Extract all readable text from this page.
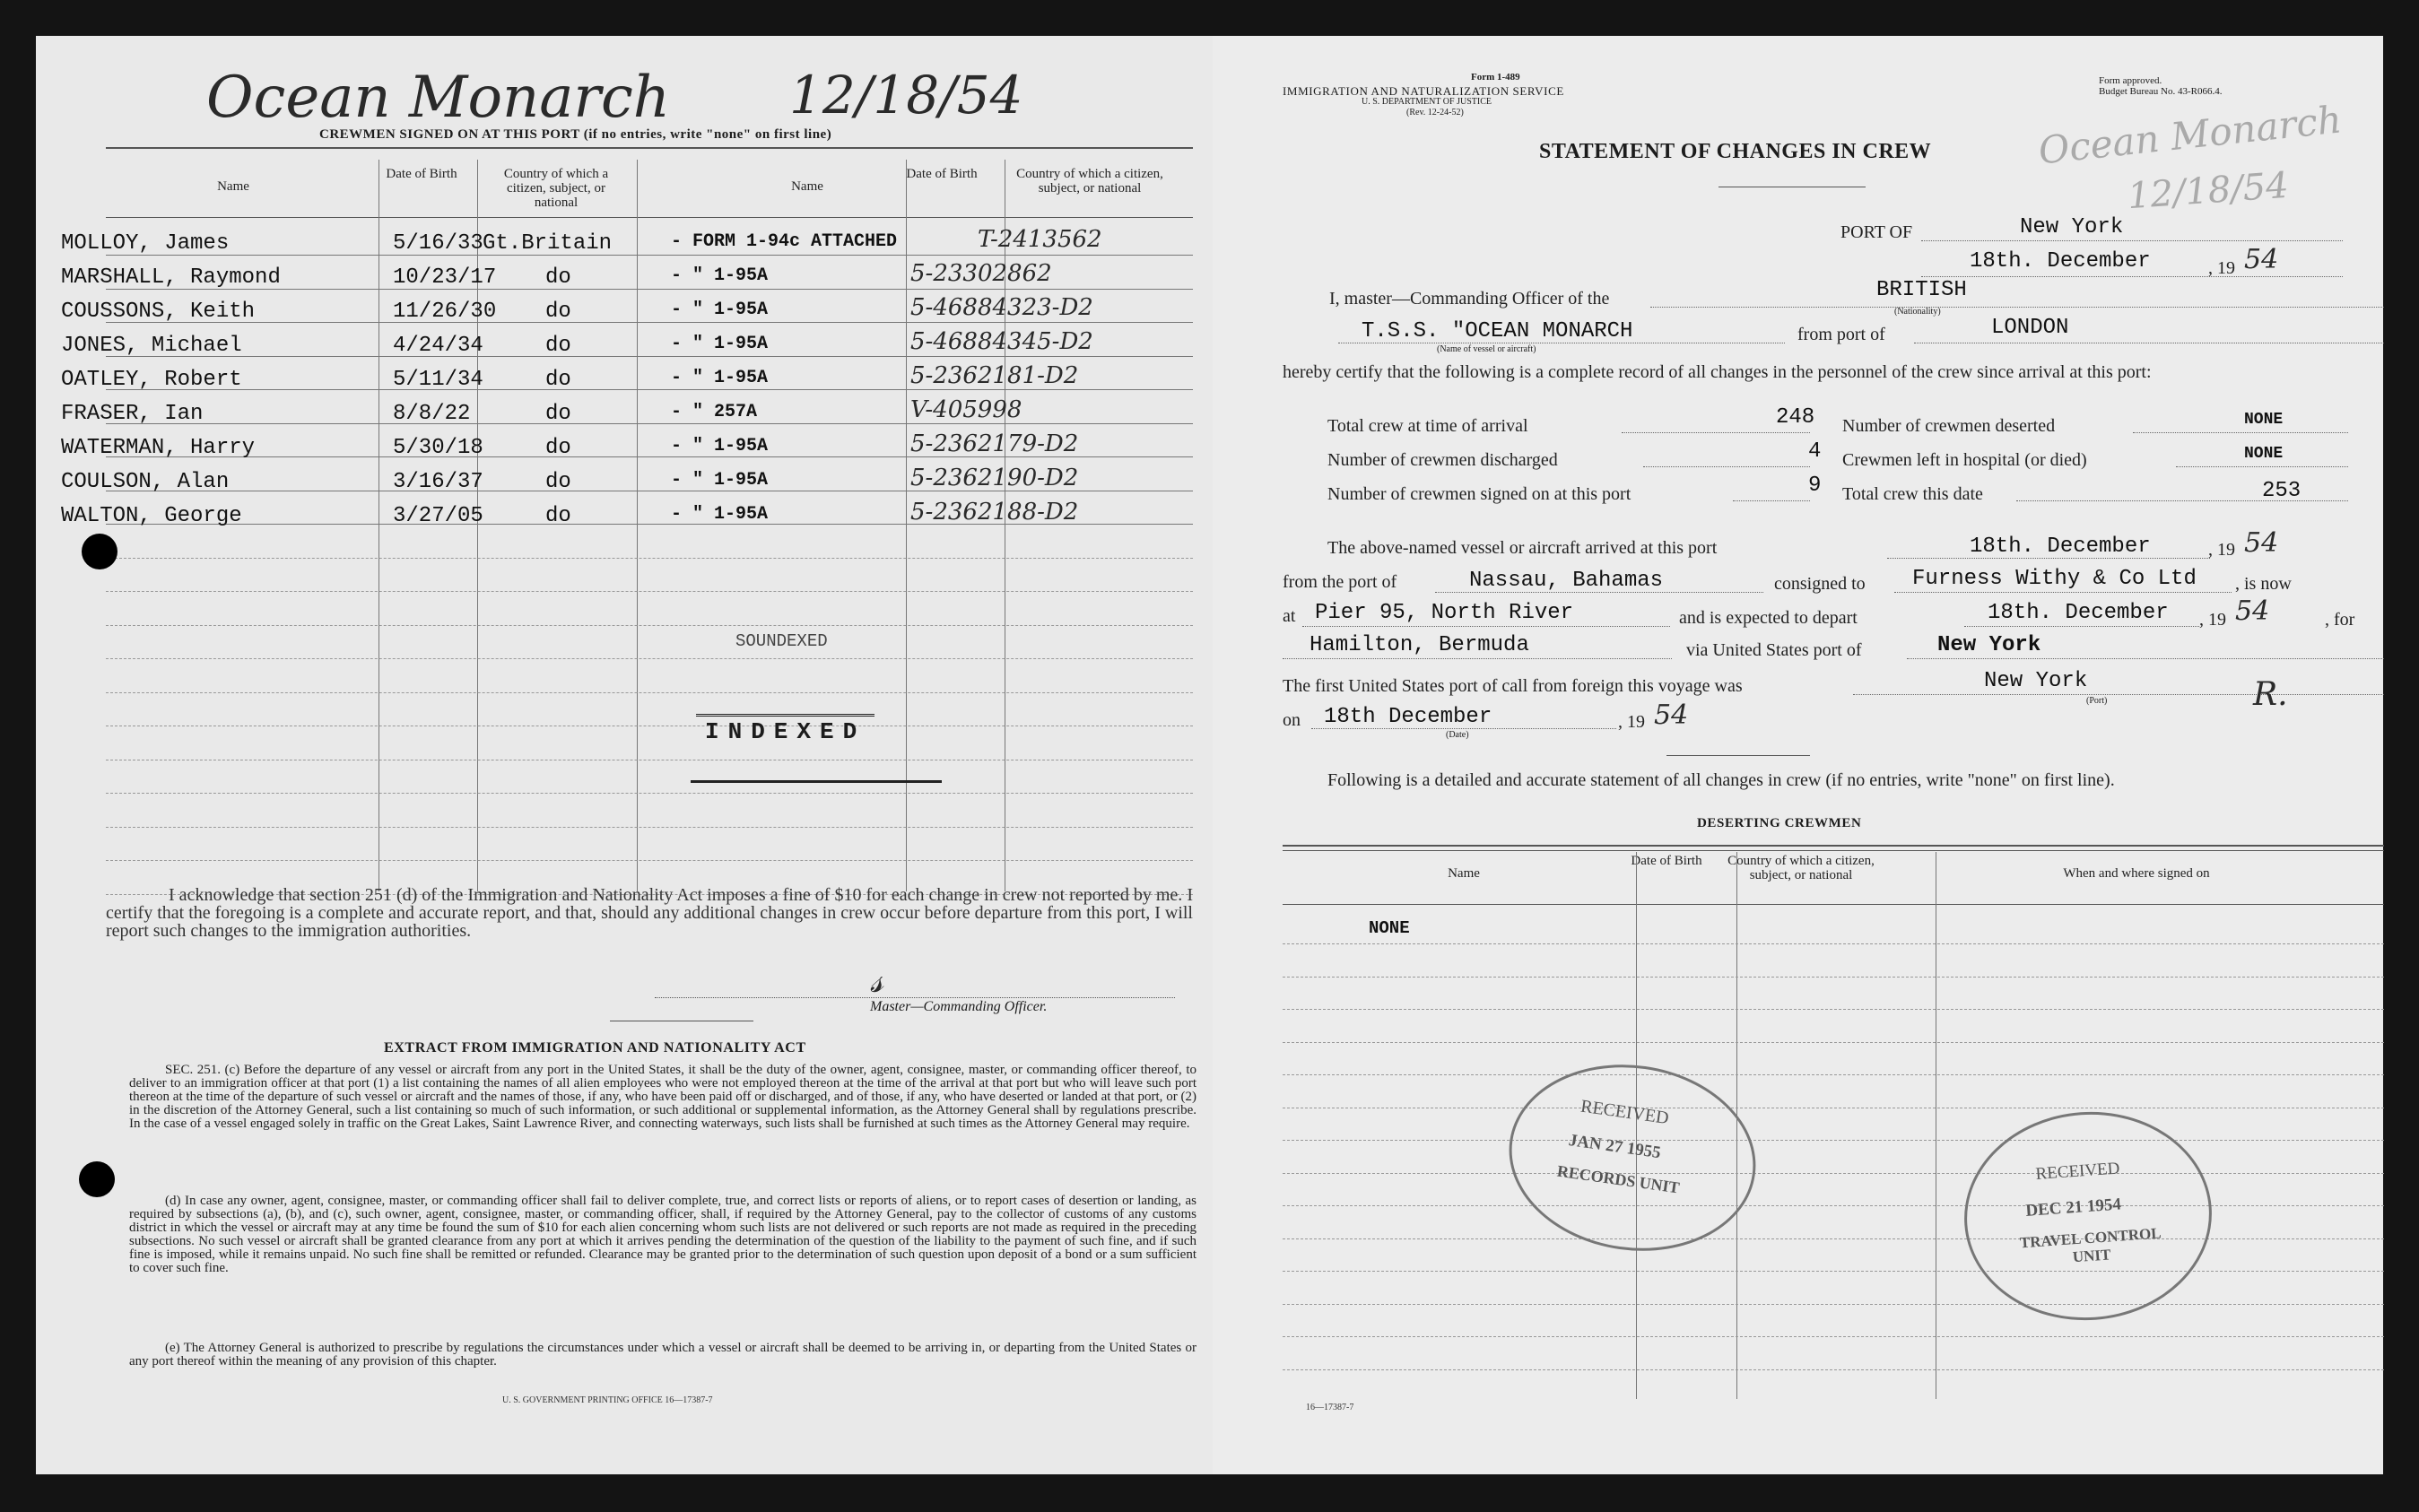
Ocean Monarch 12/18/54
CREWMEN SIGNED ON AT THIS PORT (if no entries, write "none" on first line)
Name
Date of Birth	Country of which a citizen, subject, or national
Name
Date of Birth	Country of which a citizen, subject, or national
MOLLOY, James	5/16/33 Gt.Britain	- FORM 1-94c ATTACHED	T-2413562
MARSHALL, Raymond	10/23/17 do	- " 1-95A	5-23302862
COUSSONS, Keith	11/26/30 do	- " 1-95A	5-46884323-D2
JONES, Michael	4/24/34	do	- " 1-95A	5-46884345-D2
OATLEY, Robert	5/11/34	do	- " 1-95A	5-2362181-D2
FRASER, Ian	8/8/22	do	- " 257A	V-405998
WATERMAN, Harry	5/30/18	do	- " 1-95A	5-2362179-D2
COULSON, Alan	3/16/37	do	- " 1-95A	5-2362190-D2
WALTON, George	3/27/05	do	- " 1-95A	5-2362188-D2
SOUNDEXED
INDEXED
I acknowledge that section 251 (d) of the Immigration and Nationality Act imposes a fine of $10 for each change in crew not reported by me. I certify that the foregoing is a complete and accurate report, and that, should any additional changes in crew occur before departure from this port, I will report such changes to the immigration authorities.
𝓈
Master—Commanding Officer.
EXTRACT FROM IMMIGRATION AND NATIONALITY ACT
SEC. 251. (c) Before the departure of any vessel or aircraft from any port in the United States, it shall be the duty of the owner, agent, consignee, master, or commanding officer thereof, to deliver to an immigration officer at that port (1) a list containing the names of all alien employees who were not employed thereon at the time of the arrival at that port but who will leave such port thereon at the time of the departure of such vessel or aircraft and the names of those, if any, who have been paid off or discharged, and of those, if any, who have deserted or landed at that port, or (2) in the discretion of the Attorney General, such a list containing so much of such information, or such additional or supplemental information, as the Attorney General shall by regulations prescribe. In the case of a vessel engaged solely in traffic on the Great Lakes, Saint Lawrence River, and connecting waterways, such lists shall be furnished at such times as the Attorney General may require.
(d) In case any owner, agent, consignee, master, or commanding officer shall fail to deliver complete, true, and correct lists or reports of aliens, or to report cases of desertion or landing, as required by subsections (a), (b), and (c), such owner, agent, consignee, master, or commanding officer, shall, if required by the Attorney General, pay to the collector of customs of any customs district in which the vessel or aircraft may at any time be found the sum of $10 for each alien concerning whom such lists are not delivered or such reports are not made as required in the preceding subsections. No such vessel or aircraft shall be granted clearance from any port at which it arrives pending the determination of the question of the liability to the payment of such fine, and if such fine is imposed, while it remains unpaid. No such fine shall be remitted or refunded. Clearance may be granted prior to the determination of such question upon deposit of a bond or a sum sufficient to cover such fine.
(e) The Attorney General is authorized to prescribe by regulations the circumstances under which a vessel or aircraft shall be deemed to be arriving in, or departing from the United States or any port thereof within the meaning of any provision of this chapter.
U. S. GOVERNMENT PRINTING OFFICE 16—17387-7
Form 1-489
IMMIGRATION AND NATURALIZATION SERVICE
U. S. DEPARTMENT OF JUSTICE
(Rev. 12-24-52)
Form approved.
Budget Bureau No. 43-R066.4.
Ocean Monarch
12/18/54
STATEMENT OF CHANGES IN CREW
PORT OF	New York
18th. December	, 19 54
I, master—Commanding Officer of the	BRITISH
(Nationality)
T.S.S. "OCEAN MONARCH	from port of	LONDON
(Name of vessel or aircraft)
hereby certify that the following is a complete record of all changes in the personnel of the crew since arrival at this port:
Total crew at time of arrival	248
Number of crewmen discharged	4
Number of crewmen signed on at this port	9
Number of crewmen deserted	NONE
Crewmen left in hospital (or died)	NONE
Total crew this date	253
The above-named vessel or aircraft arrived at this port	18th. December	, 19 54
from the port of	Nassau, Bahamas	consigned to Furness Withy & Co Ltd , is now
at Pier 95, North River	and is expected to depart	18th. December , 19 54	, for
Hamilton, Bermuda	via United States port of	New York
The first United States port of call from foreign this voyage was	New York
(Port)	R.
on 18th December	, 19 54
(Date)
Following is a detailed and accurate statement of all changes in crew (if no entries, write "none" on first line).
DESERTING CREWMEN
Name
Date of Birth	Country of which a citizen, subject, or national	When and where signed on
NONE
RECEIVED
JAN 27 1955
RECORDS UNIT	RECEIVED
DEC 21 1954
TRAVEL CONTROL UNIT
16—17387-7
